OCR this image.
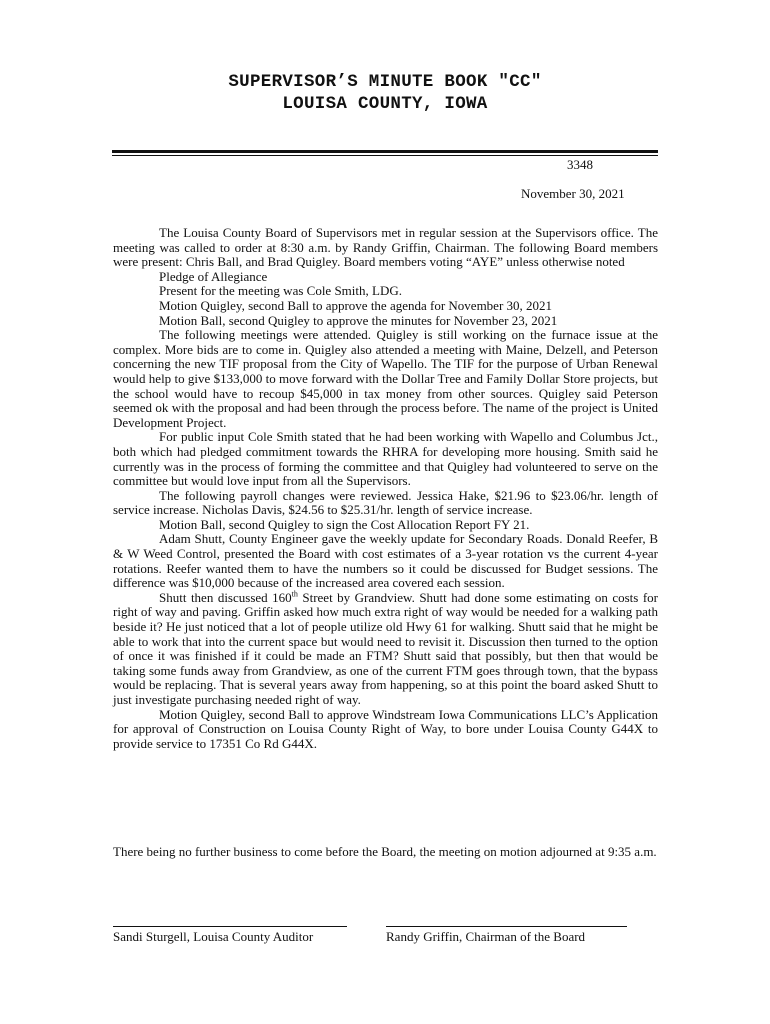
SUPERVISOR’S MINUTE BOOK "CC"
LOUISA COUNTY, IOWA
3348
November 30, 2021

The Louisa County Board of Supervisors met in regular session at the Supervisors office. The meeting was called to order at 8:30 a.m. by Randy Griffin, Chairman. The following Board members were present: Chris Ball, and Brad Quigley. Board members voting “AYE” unless otherwise noted

Pledge of Allegiance

Present for the meeting was Cole Smith, LDG.

Motion Quigley, second Ball to approve the agenda for November 30, 2021

Motion Ball, second Quigley to approve the minutes for November 23, 2021

The following meetings were attended. Quigley is still working on the furnace issue at the complex. More bids are to come in. Quigley also attended a meeting with Maine, Delzell, and Peterson concerning the new TIF proposal from the City of Wapello. The TIF for the purpose of Urban Renewal would help to give $133,000 to move forward with the Dollar Tree and Family Dollar Store projects, but the school would have to recoup $45,000 in tax money from other sources. Quigley said Peterson seemed ok with the proposal and had been through the process before. The name of the project is United Development Project.

For public input Cole Smith stated that he had been working with Wapello and Columbus Jct., both which had pledged commitment towards the RHRA for developing more housing. Smith said he currently was in the process of forming the committee and that Quigley had volunteered to serve on the committee but would love input from all the Supervisors.

The following payroll changes were reviewed. Jessica Hake, $21.96 to $23.06/hr. length of service increase. Nicholas Davis, $24.56 to $25.31/hr. length of service increase.

Motion Ball, second Quigley to sign the Cost Allocation Report FY 21.

Adam Shutt, County Engineer gave the weekly update for Secondary Roads. Donald Reefer, B & W Weed Control, presented the Board with cost estimates of a 3-year rotation vs the current 4-year rotations. Reefer wanted them to have the numbers so it could be discussed for Budget sessions. The difference was $10,000 because of the increased area covered each session.

Shutt then discussed 160th Street by Grandview. Shutt had done some estimating on costs for right of way and paving. Griffin asked how much extra right of way would be needed for a walking path beside it? He just noticed that a lot of people utilize old Hwy 61 for walking. Shutt said that he might be able to work that into the current space but would need to revisit it. Discussion then turned to the option of once it was finished if it could be made an FTM? Shutt said that possibly, but then that would be taking some funds away from Grandview, as one of the current FTM goes through town, that the bypass would be replacing. That is several years away from happening, so at this point the board asked Shutt to just investigate purchasing needed right of way.

Motion Quigley, second Ball to approve Windstream Iowa Communications LLC’s Application for approval of Construction on Louisa County Right of Way, to bore under Louisa County G44X to provide service to 17351 Co Rd G44X.

There being no further business to come before the Board, the meeting on motion adjourned at 9:35 a.m.
Sandi Sturgell, Louisa County Auditor	Randy Griffin, Chairman of the Board
